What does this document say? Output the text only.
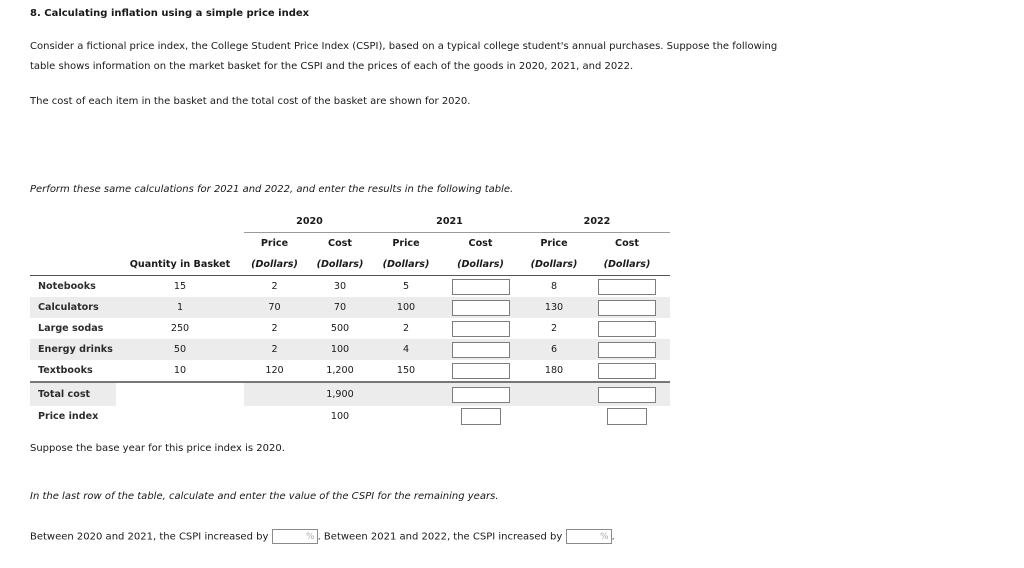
8. Calculating inflation using a simple price index
Consider a fictional price index, the College Student Price Index (CSPI), based on a typical college student's annual purchases. Suppose the following
table shows information on the market basket for the CSPI and the prices of each of the goods in 2020, 2021, and 2022.
The cost of each item in the basket and the total cost of the basket are shown for 2020.
Perform these same calculations for 2021 and 2022, and enter the results in the following table.
		2020		2021		2022	
		Price	Cost	Price	Cost	Price	Cost
	Quantity in Basket	(Dollars)	(Dollars)	(Dollars)	(Dollars)	(Dollars)	(Dollars)
Notebooks	15	2	30	5		8	
Calculators	1	70	70	100		130	
Large sodas	250	2	500	2		2	
Energy drinks	50	2	100	4		6	
Textbooks	10	120	1,200	150		180	
Total cost			1,900				
Price index			100				
Suppose the base year for this price index is 2020.
In the last row of the table, calculate and enter the value of the CSPI for the remaining years.
Between 2020 and 2021, the CSPI increased by	% . Between 2021 and 2022, the CSPI increased by	% .
